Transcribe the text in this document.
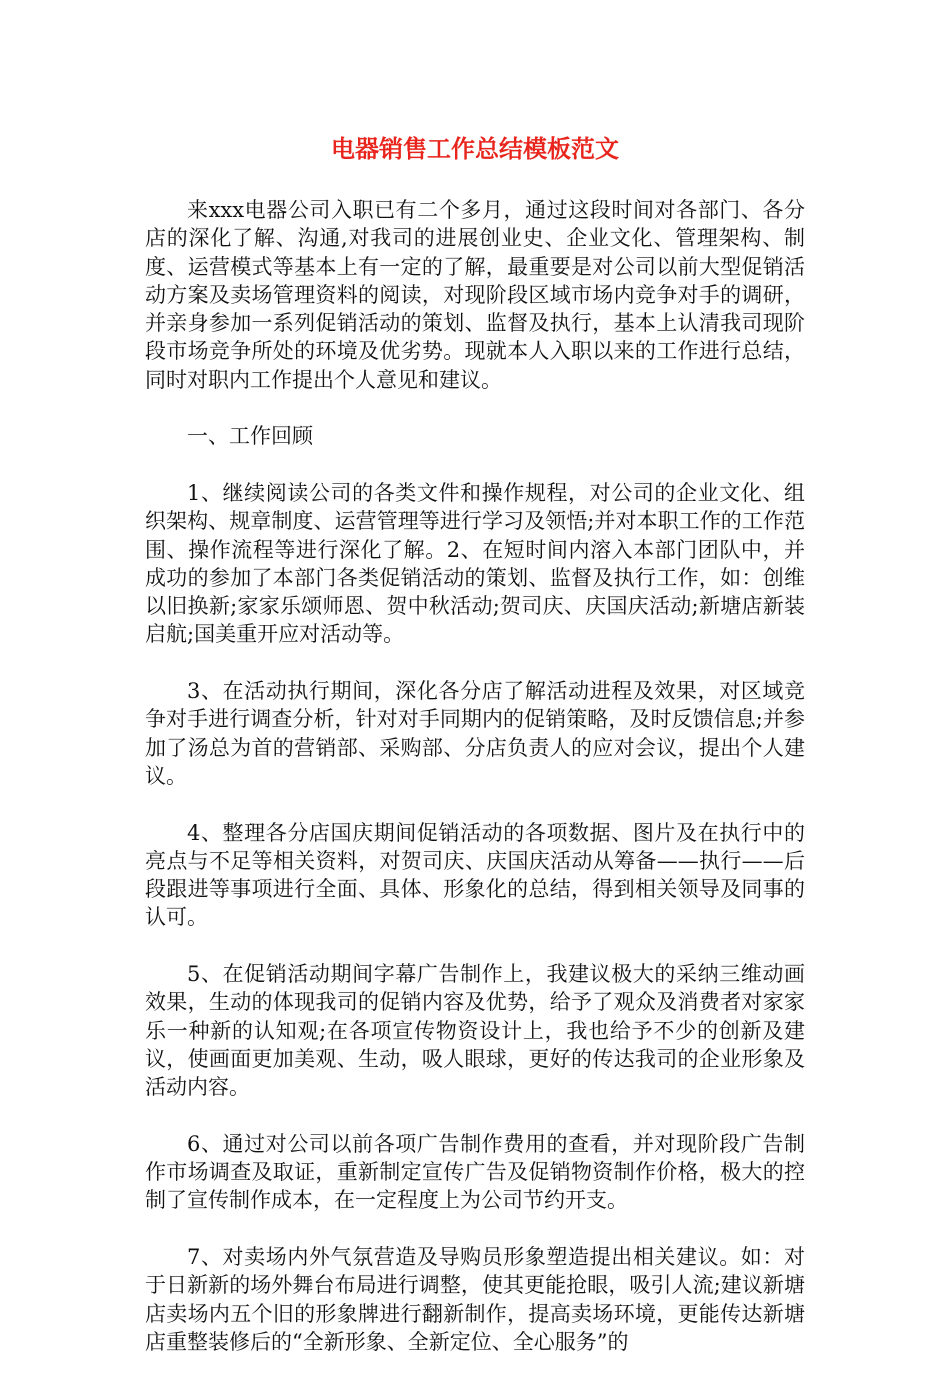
电器销售工作总结模板范文

来xxx电器公司入职已有二个多月，通过这段时间对各部门、各分店的深化了解、沟通,对我司的进展创业史、企业文化、管理架构、制度、运营模式等基本上有一定的了解，最重要是对公司以前大型促销活动方案及卖场管理资料的阅读，对现阶段区域市场内竞争对手的调研，并亲身参加一系列促销活动的策划、监督及执行，基本上认清我司现阶段市场竞争所处的环境及优劣势。现就本人入职以来的工作进行总结，同时对职内工作提出个人意见和建议。

一、工作回顾

1、继续阅读公司的各类文件和操作规程，对公司的企业文化、组织架构、规章制度、运营管理等进行学习及领悟;并对本职工作的工作范围、操作流程等进行深化了解。2、在短时间内溶入本部门团队中，并成功的参加了本部门各类促销活动的策划、监督及执行工作，如：创维以旧换新;家家乐颂师恩、贺中秋活动;贺司庆、庆国庆活动;新塘店新装启航;国美重开应对活动等。

3、在活动执行期间，深化各分店了解活动进程及效果，对区域竞争对手进行调查分析，针对对手同期内的促销策略，及时反馈信息;并参加了汤总为首的营销部、采购部、分店负责人的应对会议，提出个人建议。

4、整理各分店国庆期间促销活动的各项数据、图片及在执行中的亮点与不足等相关资料，对贺司庆、庆国庆活动从筹备——执行——后段跟进等事项进行全面、具体、形象化的总结，得到相关领导及同事的认可。

5、在促销活动期间字幕广告制作上，我建议极大的采纳三维动画效果，生动的体现我司的促销内容及优势，给予了观众及消费者对家家乐一种新的认知观;在各项宣传物资设计上，我也给予不少的创新及建议，使画面更加美观、生动，吸人眼球，更好的传达我司的企业形象及活动内容。

6、通过对公司以前各项广告制作费用的查看，并对现阶段广告制作市场调查及取证，重新制定宣传广告及促销物资制作价格，极大的控制了宣传制作成本，在一定程度上为公司节约开支。

7、对卖场内外气氛营造及导购员形象塑造提出相关建议。如：对于日新新的场外舞台布局进行调整，使其更能抢眼，吸引人流;建议新塘店卖场内五个旧的形象牌进行翻新制作，提高卖场环境，更能传达新塘店重整装修后的“全新形象、全新定位、全心服务”的
